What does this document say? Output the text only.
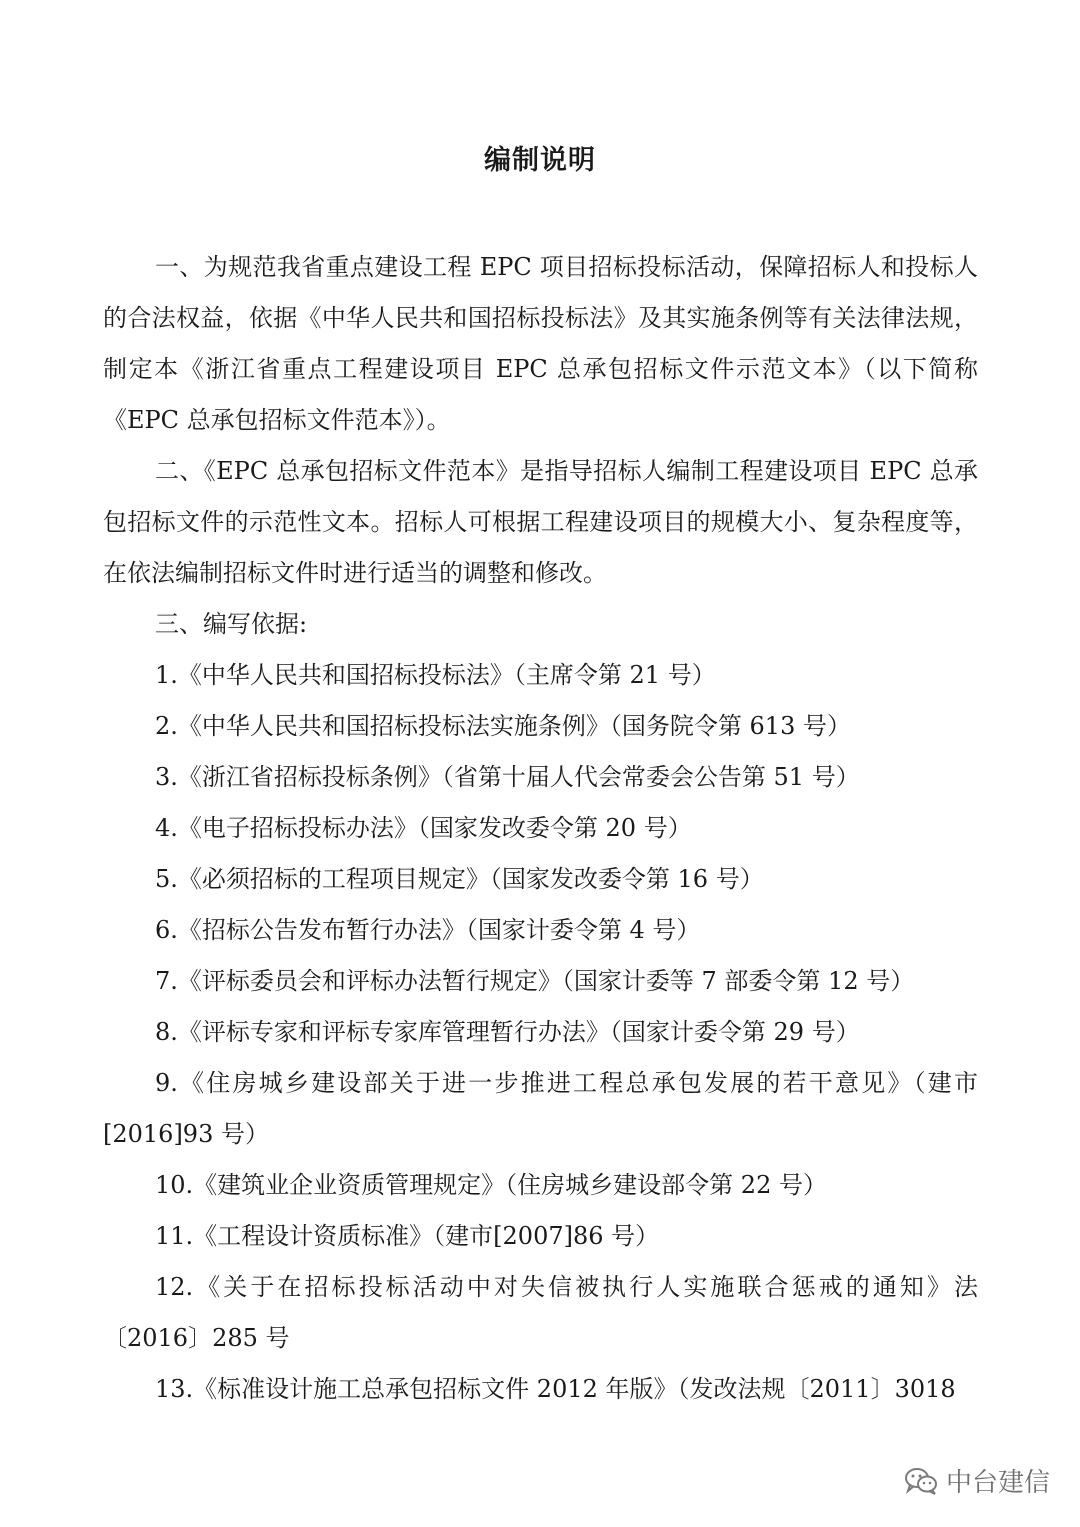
编制说明

一、为规范我省重点建设工程 EPC 项目招标投标活动，保障招标人和投标人的合法权益，依据《中华人民共和国招标投标法》及其实施条例等有关法律法规，制定本《浙江省重点工程建设项目 EPC 总承包招标文件示范文本》（以下简称《EPC 总承包招标文件范本》）。

二、《EPC 总承包招标文件范本》是指导招标人编制工程建设项目 EPC 总承包招标文件的示范性文本。招标人可根据工程建设项目的规模大小、复杂程度等，在依法编制招标文件时进行适当的调整和修改。

三、编写依据:

1.《中华人民共和国招标投标法》（主席令第 21 号）

2.《中华人民共和国招标投标法实施条例》（国务院令第 613 号）

3.《浙江省招标投标条例》（省第十届人代会常委会公告第 51 号）

4.《电子招标投标办法》（国家发改委令第 20 号）

5.《必须招标的工程项目规定》（国家发改委令第 16 号）

6.《招标公告发布暂行办法》（国家计委令第 4 号）

7.《评标委员会和评标办法暂行规定》（国家计委等 7 部委令第 12 号）

8.《评标专家和评标专家库管理暂行办法》（国家计委令第 29 号）

9.《住房城乡建设部关于进一步推进工程总承包发展的若干意见》（建市[2016]93 号）

10.《建筑业企业资质管理规定》（住房城乡建设部令第 22 号）

11.《工程设计资质标准》（建市[2007]86 号）

12.《关于在招标投标活动中对失信被执行人实施联合惩戒的通知》法〔2016〕285 号

13.《标准设计施工总承包招标文件 2012 年版》（发改法规〔2011〕3018

中台建信
